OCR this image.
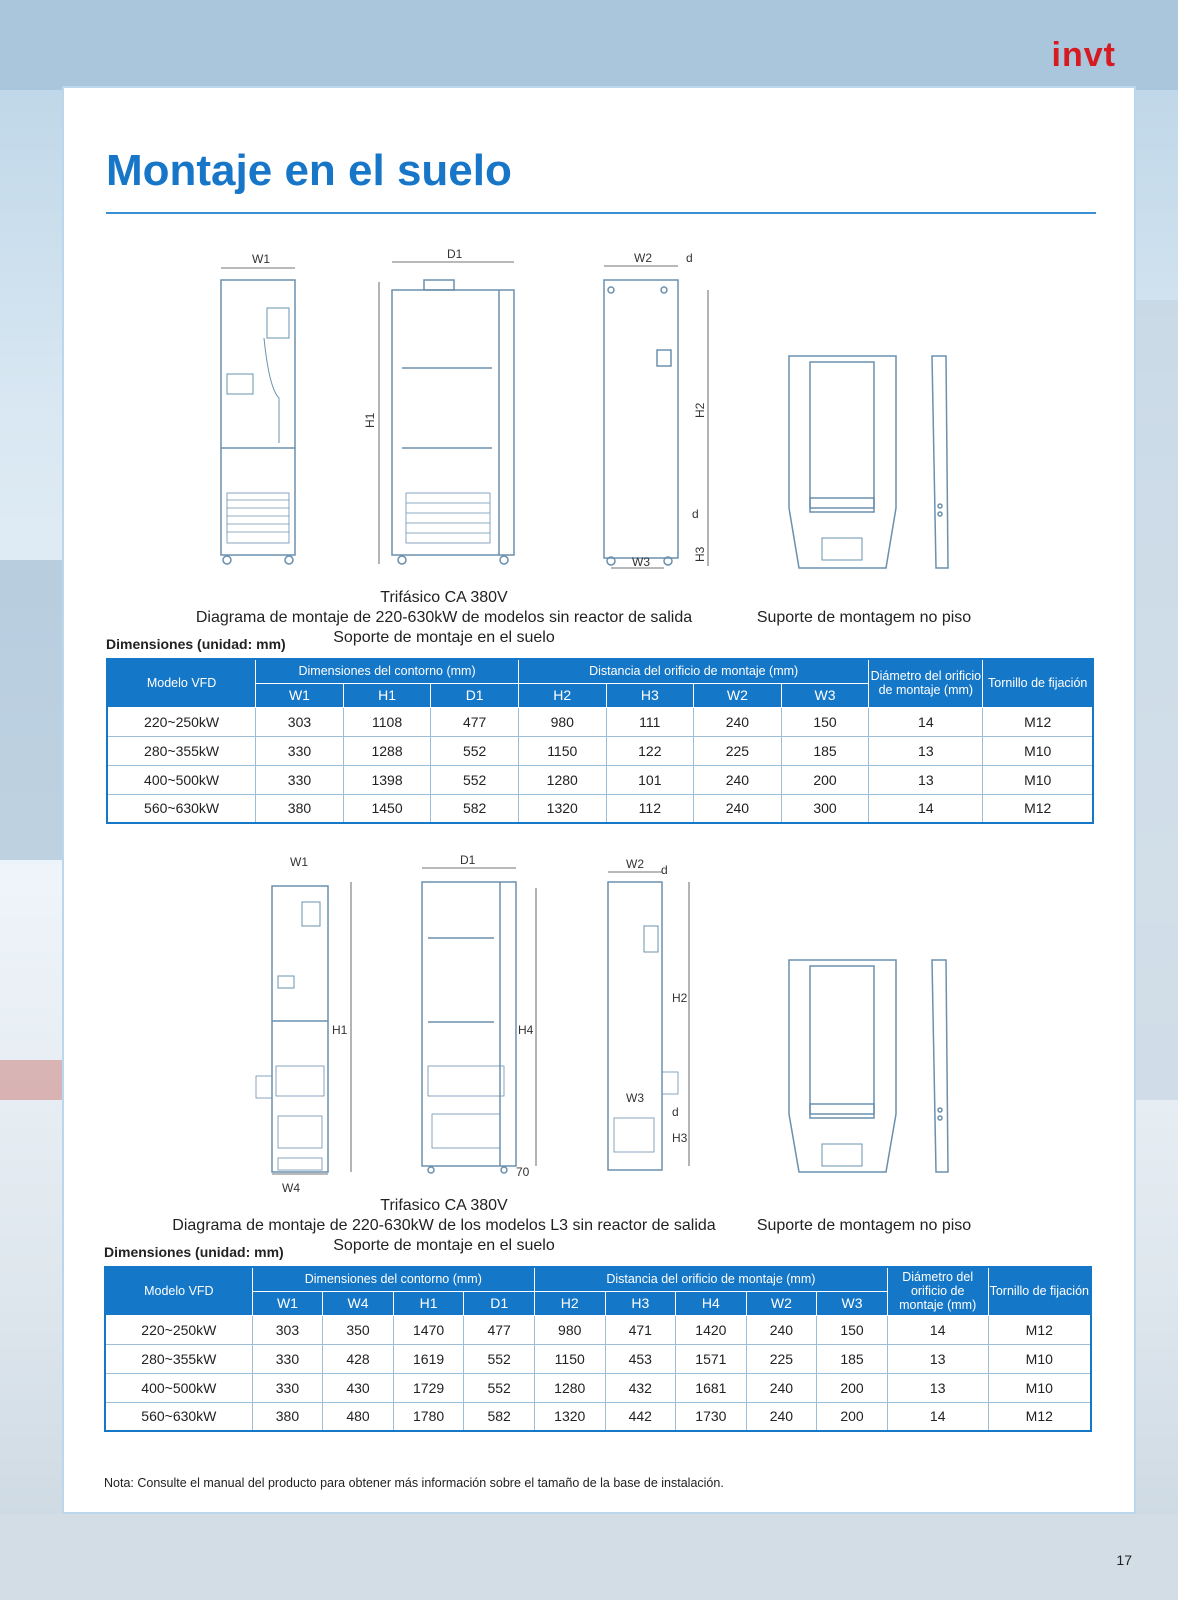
invt
Montaje en el suelo
W1	D1
H1
W2	d
H2
d
H3
W3
Trifásico CA 380V
Diagrama de montaje de 220-630kW de modelos sin reactor de salida
Soporte de montaje en el suelo
Suporte de montagem no piso
Dimensiones (unidad: mm)
Modelo VFD	Dimensiones del contorno (mm)			Distancia del orificio de montaje (mm)				Diámetro del orificio de montaje (mm)	Tornillo de fijación
	W1	H1	D1	H2	H3	W2	W3		
220~250kW	303	1108	477	980	111	240	150	14	M12
280~355kW	330	1288	552	1150	122	225	185	13	M10
400~500kW	330	1398	552	1280	101	240	200	13	M10
560~630kW	380	1450	582	1320	112	240	300	14	M12
W1	D1
H1	H4
W2 d
H2
W3
d
H3
W4
70
Trifasico CA 380V
Diagrama de montaje de 220-630kW de los modelos L3 sin reactor de salida
Soporte de montaje en el suelo
Suporte de montagem no piso
Dimensiones (unidad: mm)
Modelo VFD	Dimensiones del contorno (mm)				Distancia del orificio de montaje (mm)					Diámetro del orificio de montaje (mm)	Tornillo de fijación
	W1	W4	H1	D1	H2	H3	H4	W2	W3		
220~250kW	303	350	1470	477	980	471	1420	240	150	14	M12
280~355kW	330	428	1619	552	1150	453	1571	225	185	13	M10
400~500kW	330	430	1729	552	1280	432	1681	240	200	13	M10
560~630kW	380	480	1780	582	1320	442	1730	240	200	14	M12
Nota: Consulte el manual del producto para obtener más información sobre el tamaño de la base de instalación.
17
